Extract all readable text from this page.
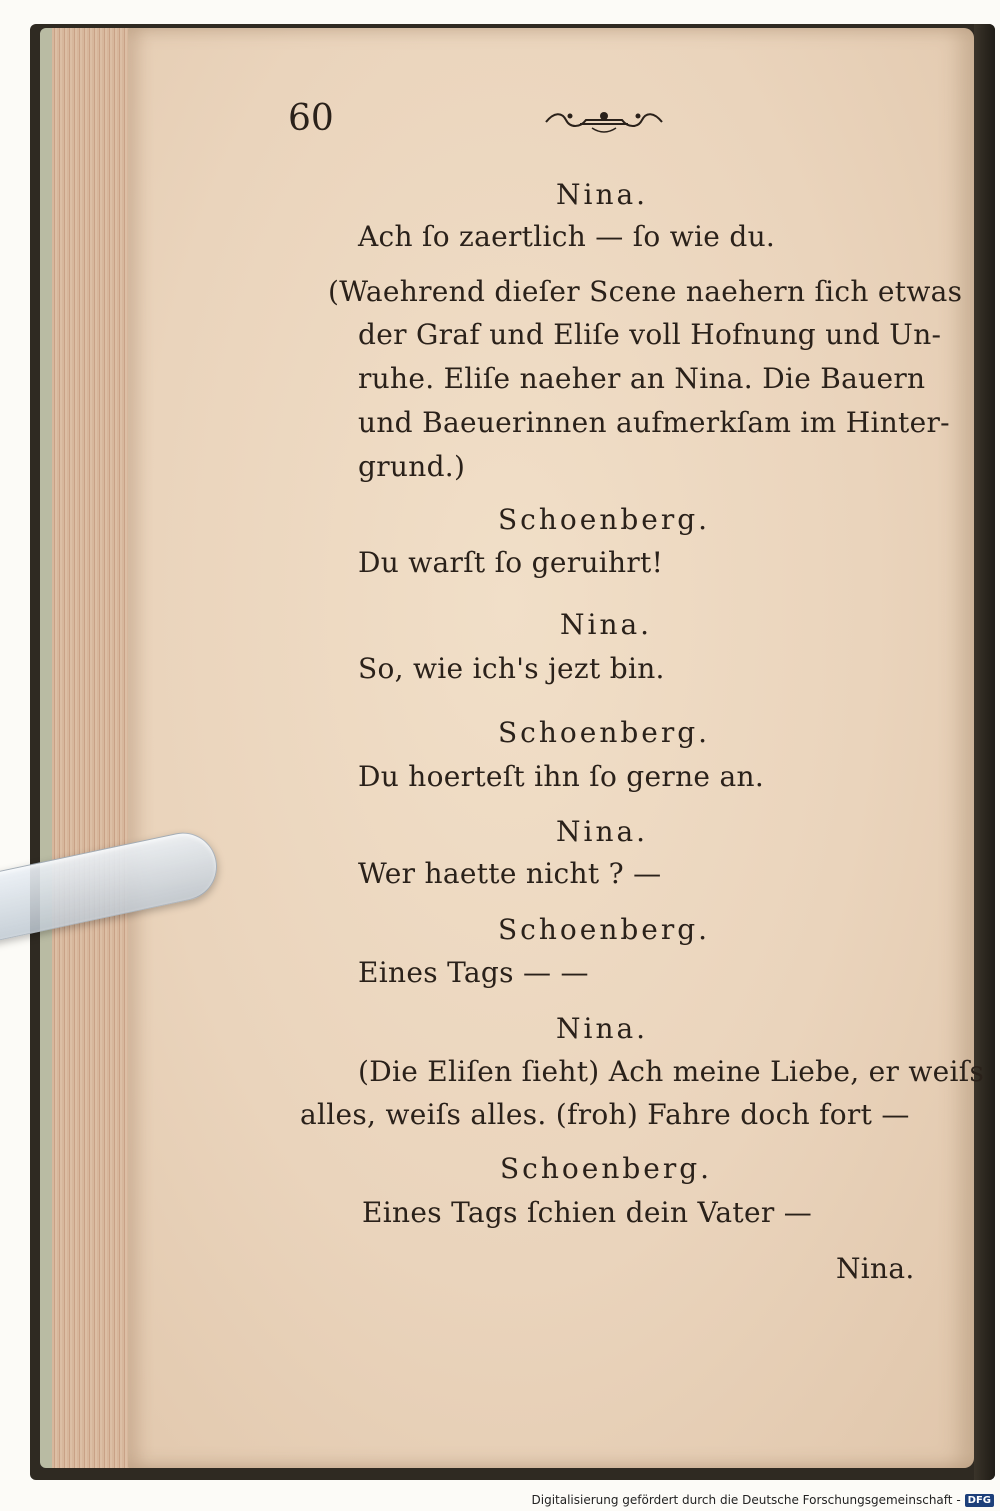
60
Nina.
Ach ſo zaertlich — ſo wie du.
(Waehrend dieſer Scene naehern ſich etwas
der Graf und Eliſe voll Hofnung und Un-
ruhe. Eliſe naeher an Nina. Die Bauern
und Baeuerinnen aufmerkſam im Hinter-
grund.)
Schoenberg.
Du warſt ſo geruihrt!
Nina.
So, wie ich's jezt bin.
Schoenberg.
Du hoerteſt ihn ſo gerne an.
Nina.
Wer haette nicht ? —
Schoenberg.
Eines Tags — —
Nina.
(Die Eliſen ſieht) Ach meine Liebe, er weiſs
alles, weiſs alles. (froh) Fahre doch fort —
Schoenberg.
Eines Tags ſchien dein Vater —
Nina.
Digitalisierung gefördert durch die Deutsche Forschungsgemeinschaft - DFG
